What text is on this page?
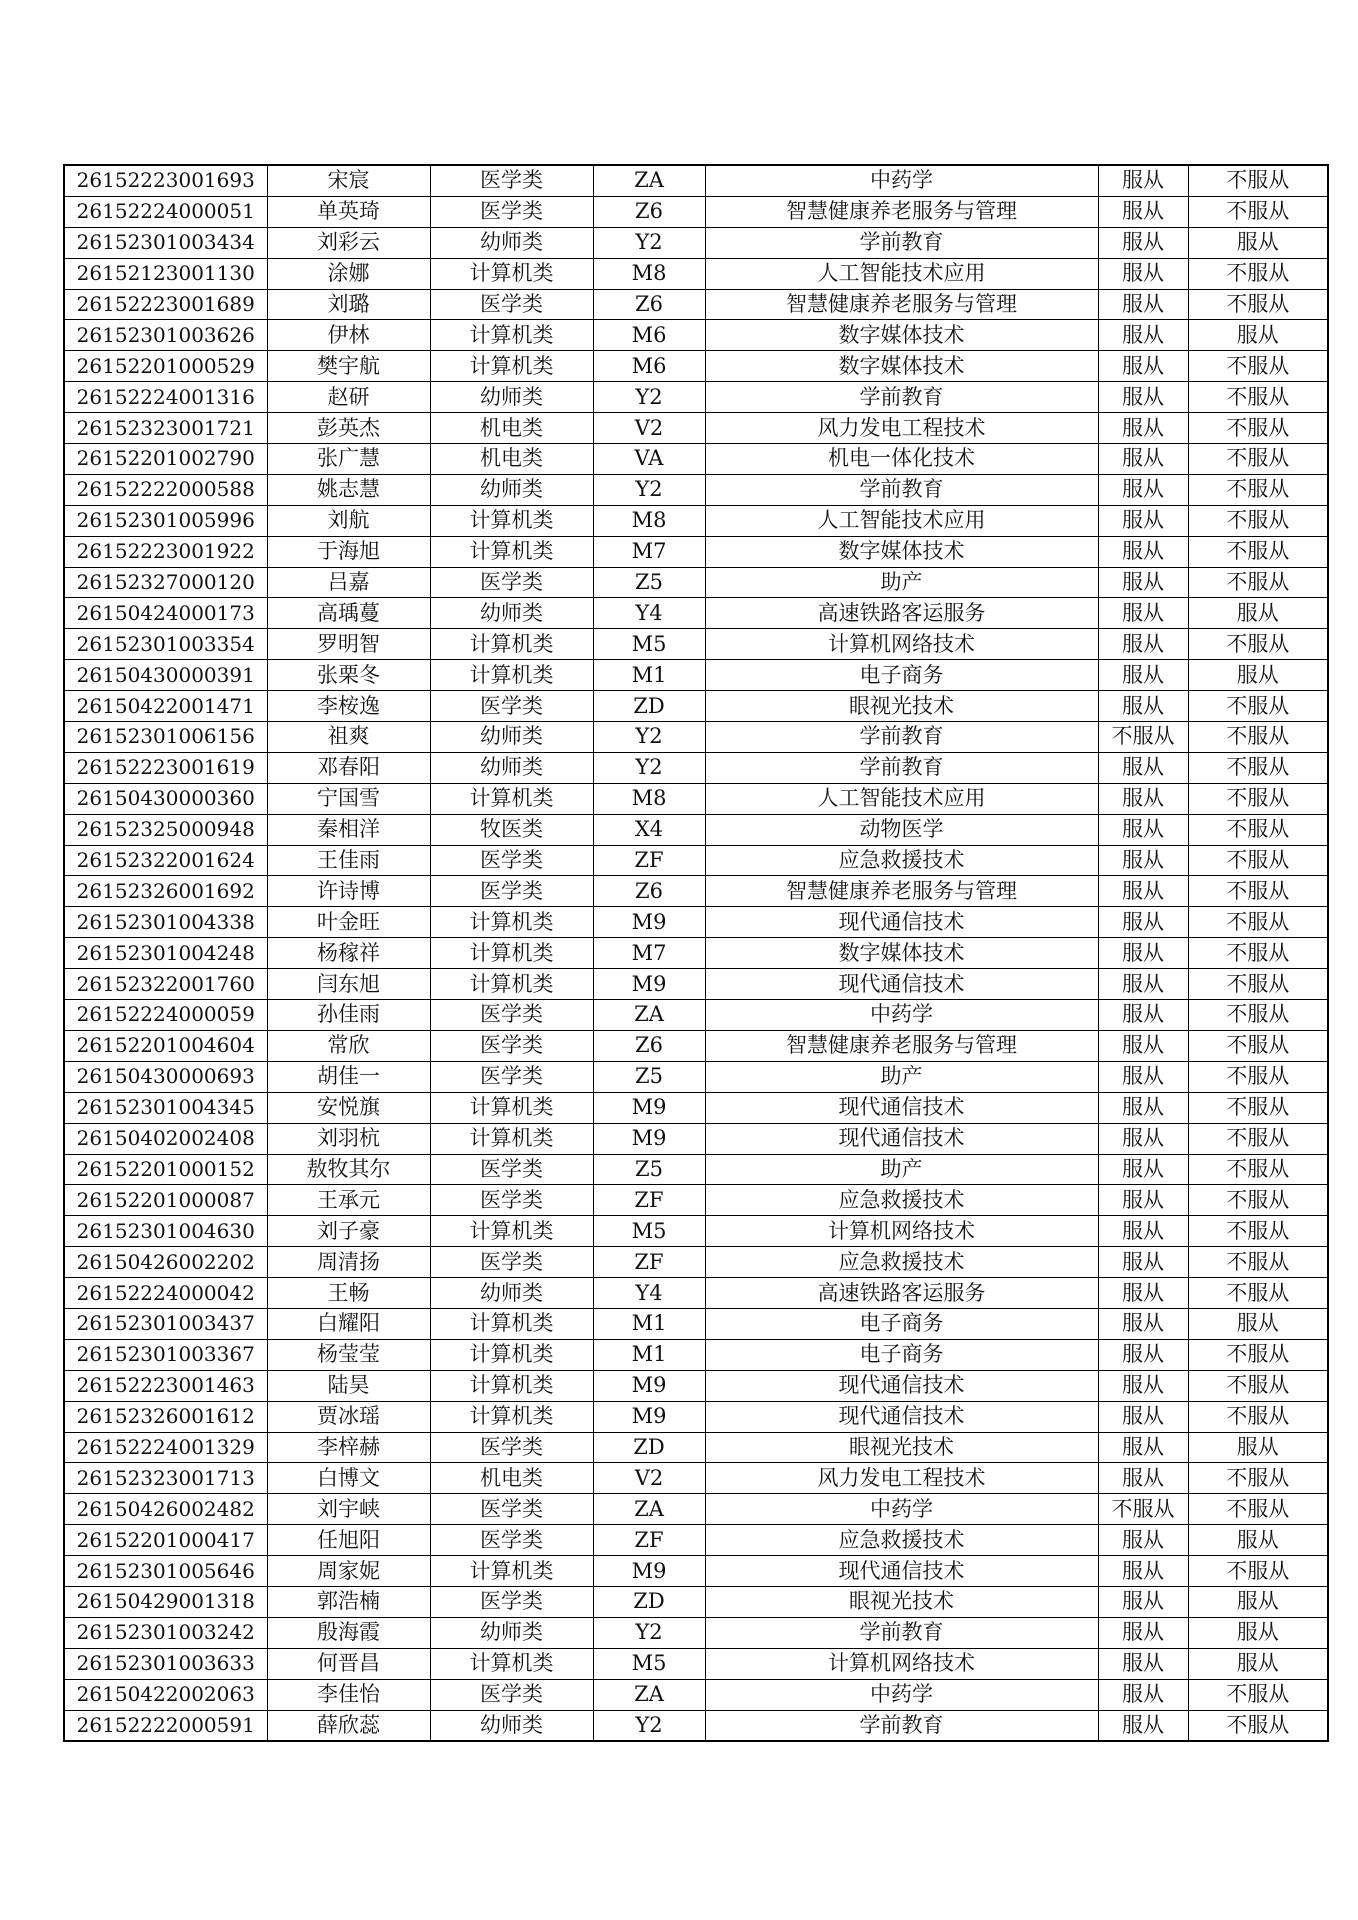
26152223001693	宋宸	医学类	ZA	中药学	服从	不服从
26152224000051	单英琦	医学类	Z6	智慧健康养老服务与管理	服从	不服从
26152301003434	刘彩云	幼师类	Y2	学前教育	服从	服从
26152123001130	涂娜	计算机类	M8	人工智能技术应用	服从	不服从
26152223001689	刘璐	医学类	Z6	智慧健康养老服务与管理	服从	不服从
26152301003626	伊林	计算机类	M6	数字媒体技术	服从	服从
26152201000529	樊宇航	计算机类	M6	数字媒体技术	服从	不服从
26152224001316	赵研	幼师类	Y2	学前教育	服从	不服从
26152323001721	彭英杰	机电类	V2	风力发电工程技术	服从	不服从
26152201002790	张广慧	机电类	VA	机电一体化技术	服从	不服从
26152222000588	姚志慧	幼师类	Y2	学前教育	服从	不服从
26152301005996	刘航	计算机类	M8	人工智能技术应用	服从	不服从
26152223001922	于海旭	计算机类	M7	数字媒体技术	服从	不服从
26152327000120	吕嘉	医学类	Z5	助产	服从	不服从
26150424000173	高瑀蔓	幼师类	Y4	高速铁路客运服务	服从	服从
26152301003354	罗明智	计算机类	M5	计算机网络技术	服从	不服从
26150430000391	张栗冬	计算机类	M1	电子商务	服从	服从
26150422001471	李桉逸	医学类	ZD	眼视光技术	服从	不服从
26152301006156	祖爽	幼师类	Y2	学前教育	不服从	不服从
26152223001619	邓春阳	幼师类	Y2	学前教育	服从	不服从
26150430000360	宁国雪	计算机类	M8	人工智能技术应用	服从	不服从
26152325000948	秦相洋	牧医类	X4	动物医学	服从	不服从
26152322001624	王佳雨	医学类	ZF	应急救援技术	服从	不服从
26152326001692	许诗博	医学类	Z6	智慧健康养老服务与管理	服从	不服从
26152301004338	叶金旺	计算机类	M9	现代通信技术	服从	不服从
26152301004248	杨稼祥	计算机类	M7	数字媒体技术	服从	不服从
26152322001760	闫东旭	计算机类	M9	现代通信技术	服从	不服从
26152224000059	孙佳雨	医学类	ZA	中药学	服从	不服从
26152201004604	常欣	医学类	Z6	智慧健康养老服务与管理	服从	不服从
26150430000693	胡佳一	医学类	Z5	助产	服从	不服从
26152301004345	安悦旗	计算机类	M9	现代通信技术	服从	不服从
26150402002408	刘羽杭	计算机类	M9	现代通信技术	服从	不服从
26152201000152	敖牧其尔	医学类	Z5	助产	服从	不服从
26152201000087	王承元	医学类	ZF	应急救援技术	服从	不服从
26152301004630	刘子豪	计算机类	M5	计算机网络技术	服从	不服从
26150426002202	周清扬	医学类	ZF	应急救援技术	服从	不服从
26152224000042	王畅	幼师类	Y4	高速铁路客运服务	服从	不服从
26152301003437	白耀阳	计算机类	M1	电子商务	服从	服从
26152301003367	杨莹莹	计算机类	M1	电子商务	服从	不服从
26152223001463	陆昊	计算机类	M9	现代通信技术	服从	不服从
26152326001612	贾冰瑶	计算机类	M9	现代通信技术	服从	不服从
26152224001329	李梓赫	医学类	ZD	眼视光技术	服从	服从
26152323001713	白博文	机电类	V2	风力发电工程技术	服从	不服从
26150426002482	刘宇峡	医学类	ZA	中药学	不服从	不服从
26152201000417	任旭阳	医学类	ZF	应急救援技术	服从	服从
26152301005646	周家妮	计算机类	M9	现代通信技术	服从	不服从
26150429001318	郭浩楠	医学类	ZD	眼视光技术	服从	服从
26152301003242	殷海霞	幼师类	Y2	学前教育	服从	服从
26152301003633	何晋昌	计算机类	M5	计算机网络技术	服从	服从
26150422002063	李佳怡	医学类	ZA	中药学	服从	不服从
26152222000591	薛欣蕊	幼师类	Y2	学前教育	服从	不服从
